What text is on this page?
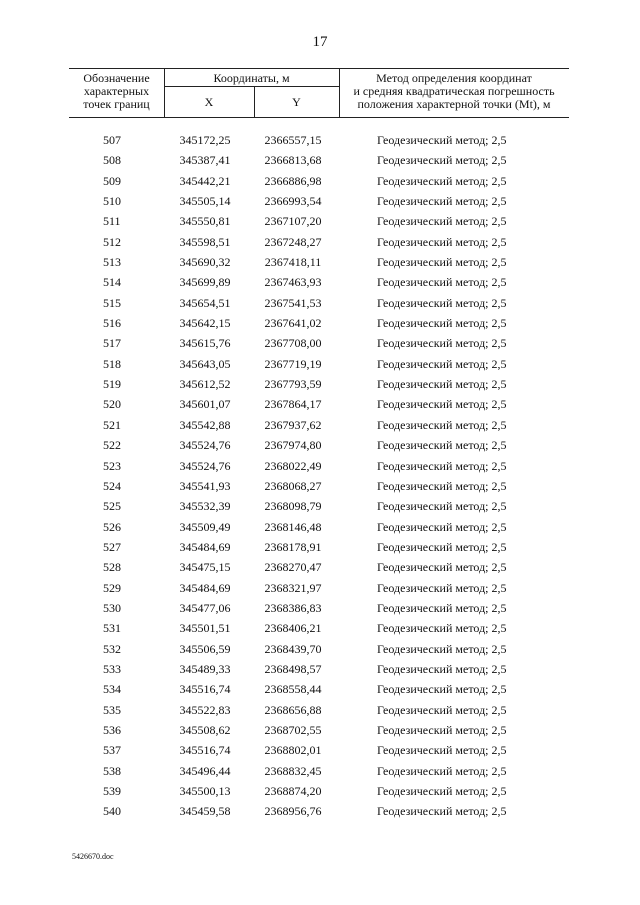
17
Обозначение
характерных
точек границ
Координаты, м
X	Y
Метод определения координат
и средняя квадратическая погрешность
положения характерной точки (Mt), м
507	345172,25	2366557,15	Геодезический метод; 2,5
508	345387,41	2366813,68	Геодезический метод; 2,5
509	345442,21	2366886,98	Геодезический метод; 2,5
510	345505,14	2366993,54	Геодезический метод; 2,5
511	345550,81	2367107,20	Геодезический метод; 2,5
512	345598,51	2367248,27	Геодезический метод; 2,5
513	345690,32	2367418,11	Геодезический метод; 2,5
514	345699,89	2367463,93	Геодезический метод; 2,5
515	345654,51	2367541,53	Геодезический метод; 2,5
516	345642,15	2367641,02	Геодезический метод; 2,5
517	345615,76	2367708,00	Геодезический метод; 2,5
518	345643,05	2367719,19	Геодезический метод; 2,5
519	345612,52	2367793,59	Геодезический метод; 2,5
520	345601,07	2367864,17	Геодезический метод; 2,5
521	345542,88	2367937,62	Геодезический метод; 2,5
522	345524,76	2367974,80	Геодезический метод; 2,5
523	345524,76	2368022,49	Геодезический метод; 2,5
524	345541,93	2368068,27	Геодезический метод; 2,5
525	345532,39	2368098,79	Геодезический метод; 2,5
526	345509,49	2368146,48	Геодезический метод; 2,5
527	345484,69	2368178,91	Геодезический метод; 2,5
528	345475,15	2368270,47	Геодезический метод; 2,5
529	345484,69	2368321,97	Геодезический метод; 2,5
530	345477,06	2368386,83	Геодезический метод; 2,5
531	345501,51	2368406,21	Геодезический метод; 2,5
532	345506,59	2368439,70	Геодезический метод; 2,5
533	345489,33	2368498,57	Геодезический метод; 2,5
534	345516,74	2368558,44	Геодезический метод; 2,5
535	345522,83	2368656,88	Геодезический метод; 2,5
536	345508,62	2368702,55	Геодезический метод; 2,5
537	345516,74	2368802,01	Геодезический метод; 2,5
538	345496,44	2368832,45	Геодезический метод; 2,5
539	345500,13	2368874,20	Геодезический метод; 2,5
540	345459,58	2368956,76	Геодезический метод; 2,5
5426670.doc
